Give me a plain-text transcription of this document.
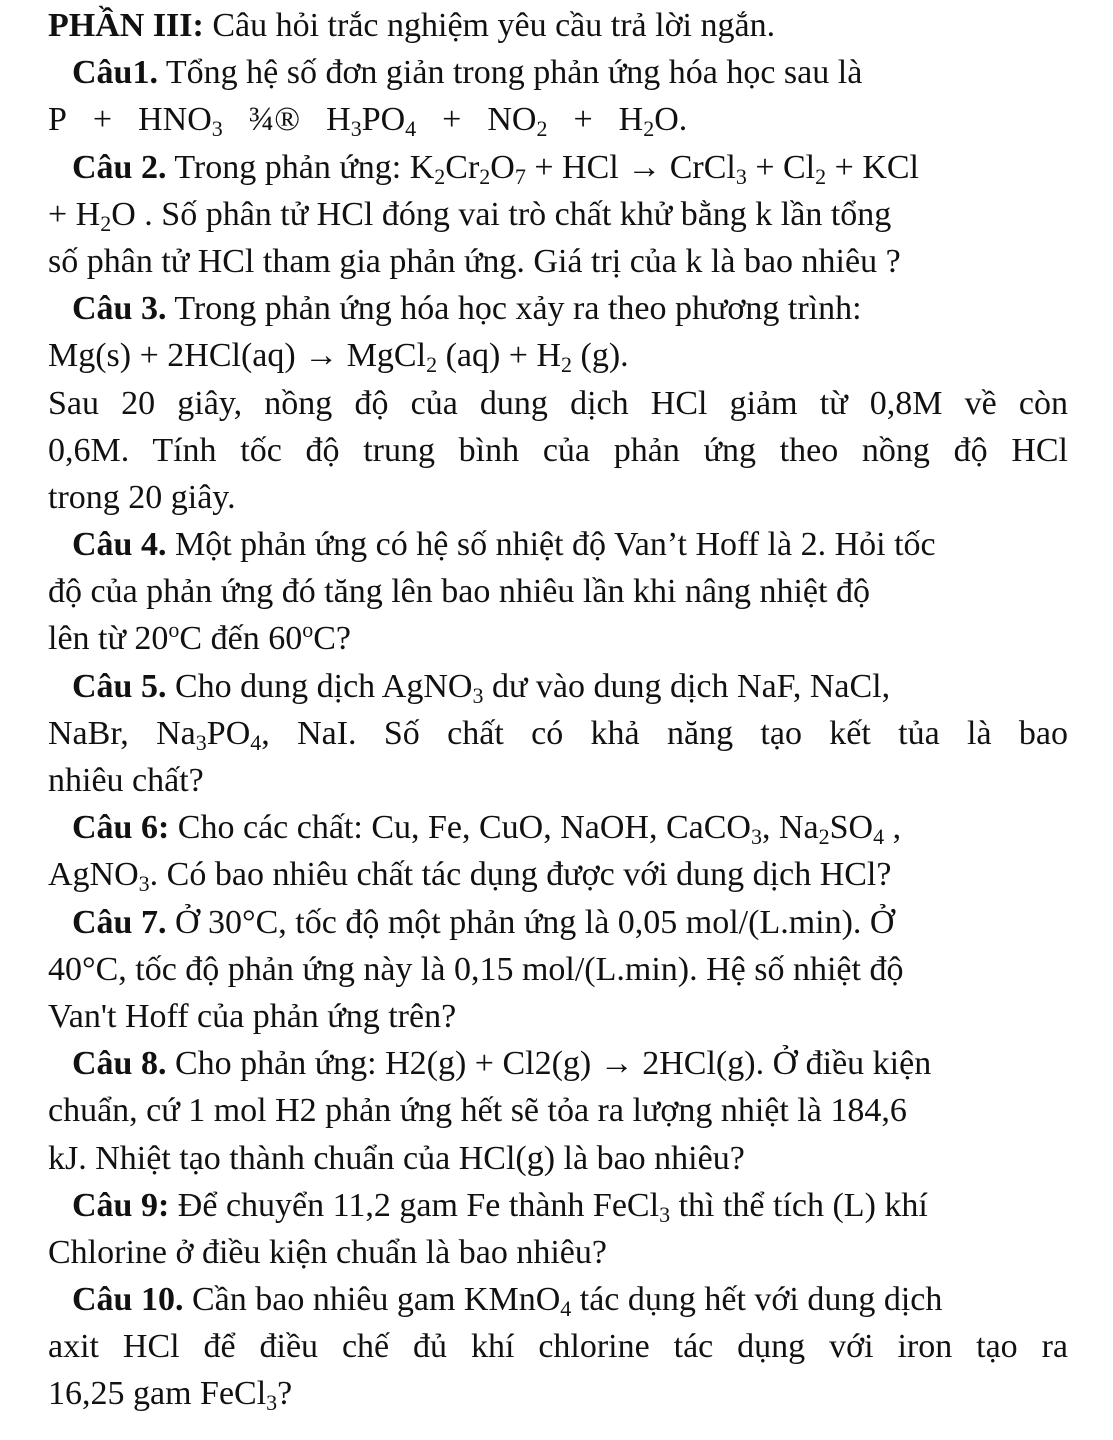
PHẦN III: Câu hỏi trắc nghiệm yêu cầu trả lời ngắn.
Câu1. Tổng hệ số đơn giản trong phản ứng hóa học sau là
$P + HNO_3$ ¾® $H_3PO_4 + NO_2 + H_2O$.
Câu 2. Trong phản ứng: $K_2Cr_2O_7$ + HCl → CrCl$_3$ + $Cl_2$ + KCl
+ $H_2O$ . Số phân tử HCl đóng vai trò chất khử bằng k lần tổng
số phân tử HCl tham gia phản ứng. Giá trị của k là bao nhiêu ?
Câu 3. Trong phản ứng hóa học xảy ra theo phương trình:
Mg(s) + 2HCl(aq) → MgCl$_2$ $(aq) + H_2$ (g).
Sau 20 giây, nồng độ của dung dịch HCl giảm từ 0,8M về còn
0,6M. Tính tốc độ trung bình của phản ứng theo nồng độ HCl
trong 20 giây.
Câu 4. Một phản ứng có hệ số nhiệt độ Van’t Hoff là 2. Hỏi tốc
độ của phản ứng đó tăng lên bao nhiêu lần khi nâng nhiệt độ
lên từ 20$^o$C đến 60$^o$C?
Câu 5. Cho dung dịch AgNO$_3$ dư vào dung dịch NaF, NaCl,
NaBr, $Na_3PO_4$, NaI. Số chất có khả năng tạo kết tủa là bao
nhiêu chất?
Câu 6: Cho các chất: Cu, Fe, CuO, NaOH, CaCO$_3$, $Na_2SO_4$ ,
AgNO$_3$. Có bao nhiêu chất tác dụng được với dung dịch HCl?
Câu 7. Ở 30°C, tốc độ một phản ứng là 0,05 mol/(L.min). Ở
40°C, tốc độ phản ứng này là 0,15 mol/(L.min). Hệ số nhiệt độ
Van't Hoff của phản ứng trên?
Câu 8. Cho phản ứng: H2(g) + Cl2(g) → 2HCl(g). Ở điều kiện
chuẩn, cứ 1 mol H2 phản ứng hết sẽ tỏa ra lượng nhiệt là 184,6
kJ. Nhiệt tạo thành chuẩn của HCl(g) là bao nhiêu?
Câu 9: Để chuyển 11,2 gam Fe thành FeCl$_3$ thì thể tích (L) khí
Chlorine ở điều kiện chuẩn là bao nhiêu?
Câu 10. Cần bao nhiêu gam KMnO$_4$ tác dụng hết với dung dịch
axit HCl để điều chế đủ khí chlorine tác dụng với iron tạo ra
16,25 gam FeCl$_3$?
